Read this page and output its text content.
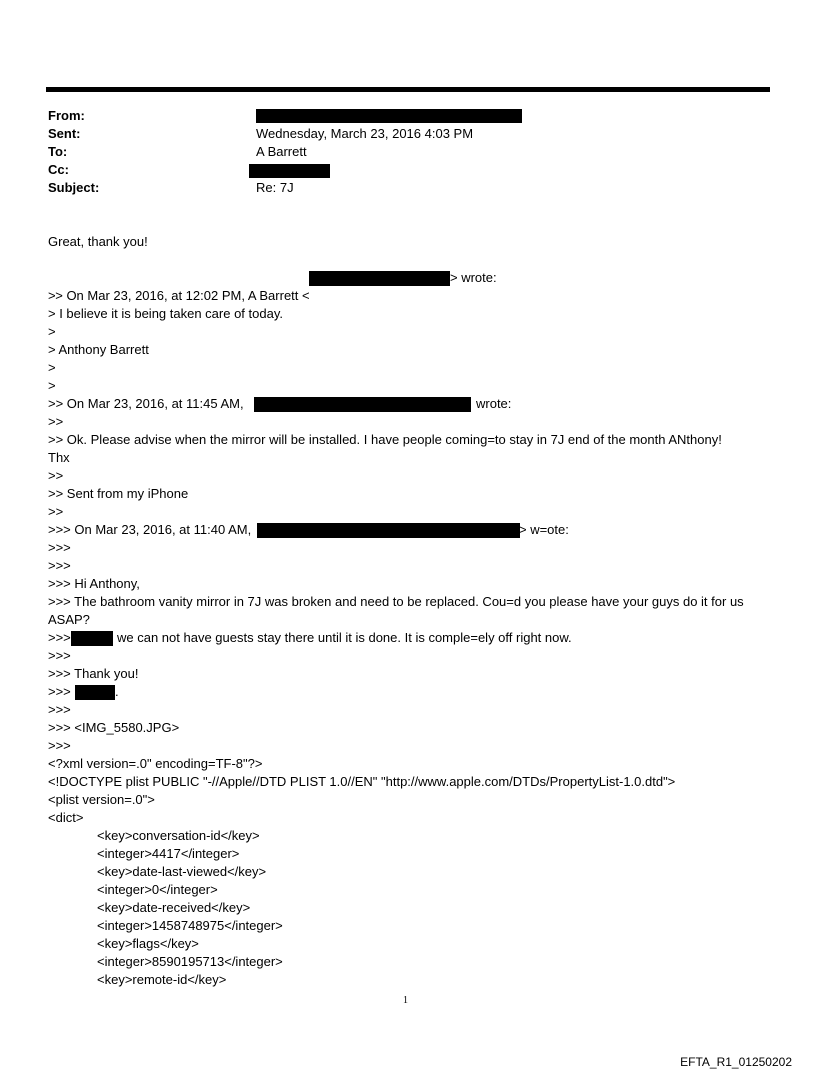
From:
Sent:	Wednesday, March 23, 2016 4:03 PM
To:	A Barrett
Cc:
Subject:	Re: 7J
Great, thank you!

> On Mar 23, 2016, at 12:02 PM, A Barrett <

> wrote:
>
> I believe it is being taken care of today.
>
> Anthony Barrett
>
>
>> On Mar 23, 2016, at 11:45 AM,	wrote:
>>
>> Ok. Please advise when the mirror will be installed. I have people coming=to stay in 7J end of the month ANthony!
Thx
>>
>> Sent from my iPhone
>>
>>> On Mar 23, 2016, at 11:40 AM,	> w=ote:
>>>
>>>
>>> Hi Anthony,
>>> The bathroom vanity mirror in 7J was broken and need to be replaced. Cou=d you please have your guys do it for us
ASAP?
>>>	we can not have guests stay there until it is done. It is comple=ely off right now.
>>>
>>> Thank you!
>>>	.
>>>
>>> <IMG_5580.JPG>
>>>
<?xml version=.0" encoding=TF-8"?>
<!DOCTYPE plist PUBLIC "-//Apple//DTD PLIST 1.0//EN" "http://www.apple.com/DTDs/PropertyList-1.0.dtd">
<plist version=.0">
<dict>
<key>conversation-id</key>
<integer>4417</integer>
<key>date-last-viewed</key>
<integer>0</integer>
<key>date-received</key>
<integer>1458748975</integer>
<key>flags</key>
<integer>8590195713</integer>
<key>remote-id</key>
1
EFTA_R1_01250202
